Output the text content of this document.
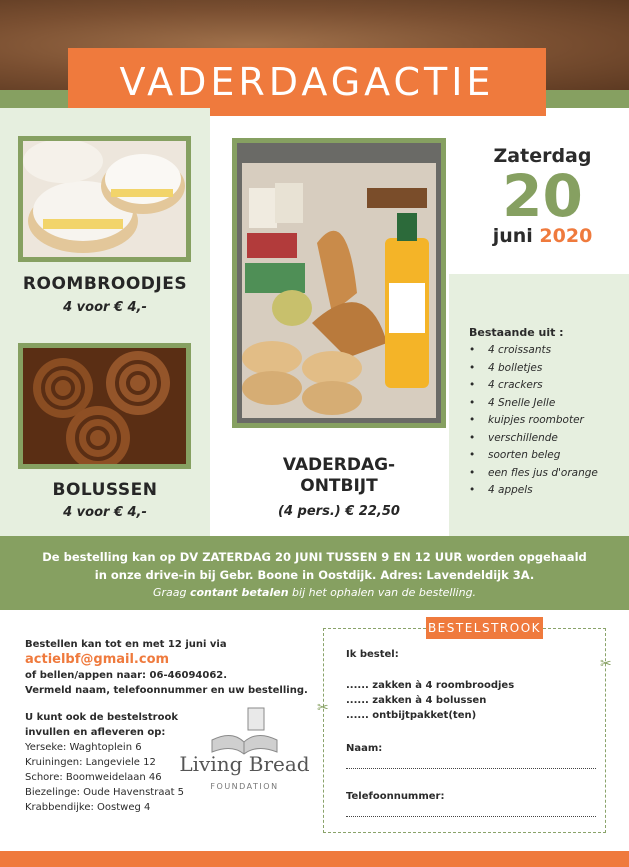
VADERDAGACTIE
ROOMBROODJES
4 voor € 4,-
BOLUSSEN
4 voor € 4,-
VADERDAG-
ONTBIJT
(4 pers.) € 22,50
Zaterdag
20
juni 2020
Bestaande uit :
• 4 croissants
• 4 bolletjes
• 4 crackers
• 4 Snelle Jelle
• kuipjes roomboter
• verschillende
• soorten beleg
• een fles jus d'orange
• 4 appels
De bestelling kan op DV ZATERDAG 20 JUNI TUSSEN 9 EN 12 UUR worden opgehaald
in onze drive-in bij Gebr. Boone in Oostdijk. Adres: Lavendeldijk 3A.
Graag contant betalen bij het ophalen van de bestelling.
Bestellen kan tot en met 12 juni via
actielbf@gmail.com
of bellen/appen naar: 06-46094062.
Vermeld naam, telefoonnummer en uw bestelling.
U kunt ook de bestelstrook
invullen en afleveren op:
Yerseke: Waghtoplein 6
Kruiningen: Langeviele 12
Schore: Boomweidelaan 46
Biezelinge: Oude Havenstraat 5
Krabbendijke: Oostweg 4
Living Bread
FOUNDATION
BESTELSTROOK
✂
✂
Ik bestel:
...... zakken à 4 roombroodjes
...... zakken à 4 bolussen
...... ontbijtpakket(ten)
Naam:
Telefoonnummer:
